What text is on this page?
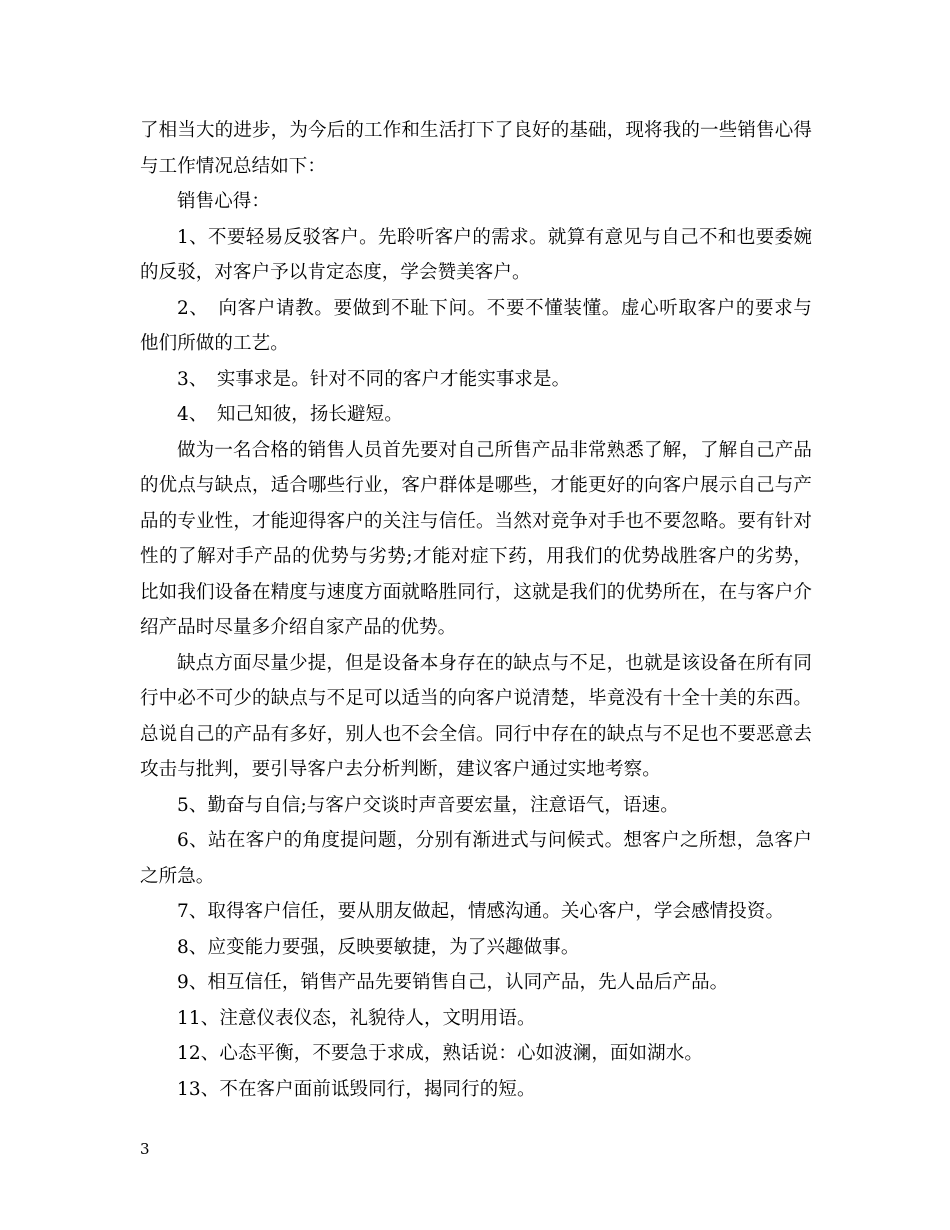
了相当大的进步，为今后的工作和生活打下了良好的基础，现将我的一些销售心得与工作情况总结如下：

销售心得：

1、不要轻易反驳客户。先聆听客户的需求。就算有意见与自己不和也要委婉的反驳，对客户予以肯定态度，学会赞美客户。

2、　向客户请教。要做到不耻下问。不要不懂装懂。虚心听取客户的要求与他们所做的工艺。

3、　实事求是。针对不同的客户才能实事求是。

4、　知己知彼，扬长避短。

做为一名合格的销售人员首先要对自己所售产品非常熟悉了解，了解自己产品的优点与缺点，适合哪些行业，客户群体是哪些，才能更好的向客户展示自己与产品的专业性，才能迎得客户的关注与信任。当然对竞争对手也不要忽略。要有针对性的了解对手产品的优势与劣势;才能对症下药，用我们的优势战胜客户的劣势，比如我们设备在精度与速度方面就略胜同行，这就是我们的优势所在，在与客户介绍产品时尽量多介绍自家产品的优势。

缺点方面尽量少提，但是设备本身存在的缺点与不足，也就是该设备在所有同行中必不可少的缺点与不足可以适当的向客户说清楚，毕竟没有十全十美的东西。总说自己的产品有多好，别人也不会全信。同行中存在的缺点与不足也不要恶意去攻击与批判，要引导客户去分析判断，建议客户通过实地考察。

5、勤奋与自信;与客户交谈时声音要宏量，注意语气，语速。

6、站在客户的角度提问题，分别有渐进式与问候式。想客户之所想，急客户之所急。

7、取得客户信任，要从朋友做起，情感沟通。关心客户，学会感情投资。

8、应变能力要强，反映要敏捷，为了兴趣做事。

9、相互信任，销售产品先要销售自己，认同产品，先人品后产品。

11、注意仪表仪态，礼貌待人，文明用语。

12、心态平衡，不要急于求成，熟话说：心如波澜，面如湖水。

13、不在客户面前诋毁同行，揭同行的短。

3
